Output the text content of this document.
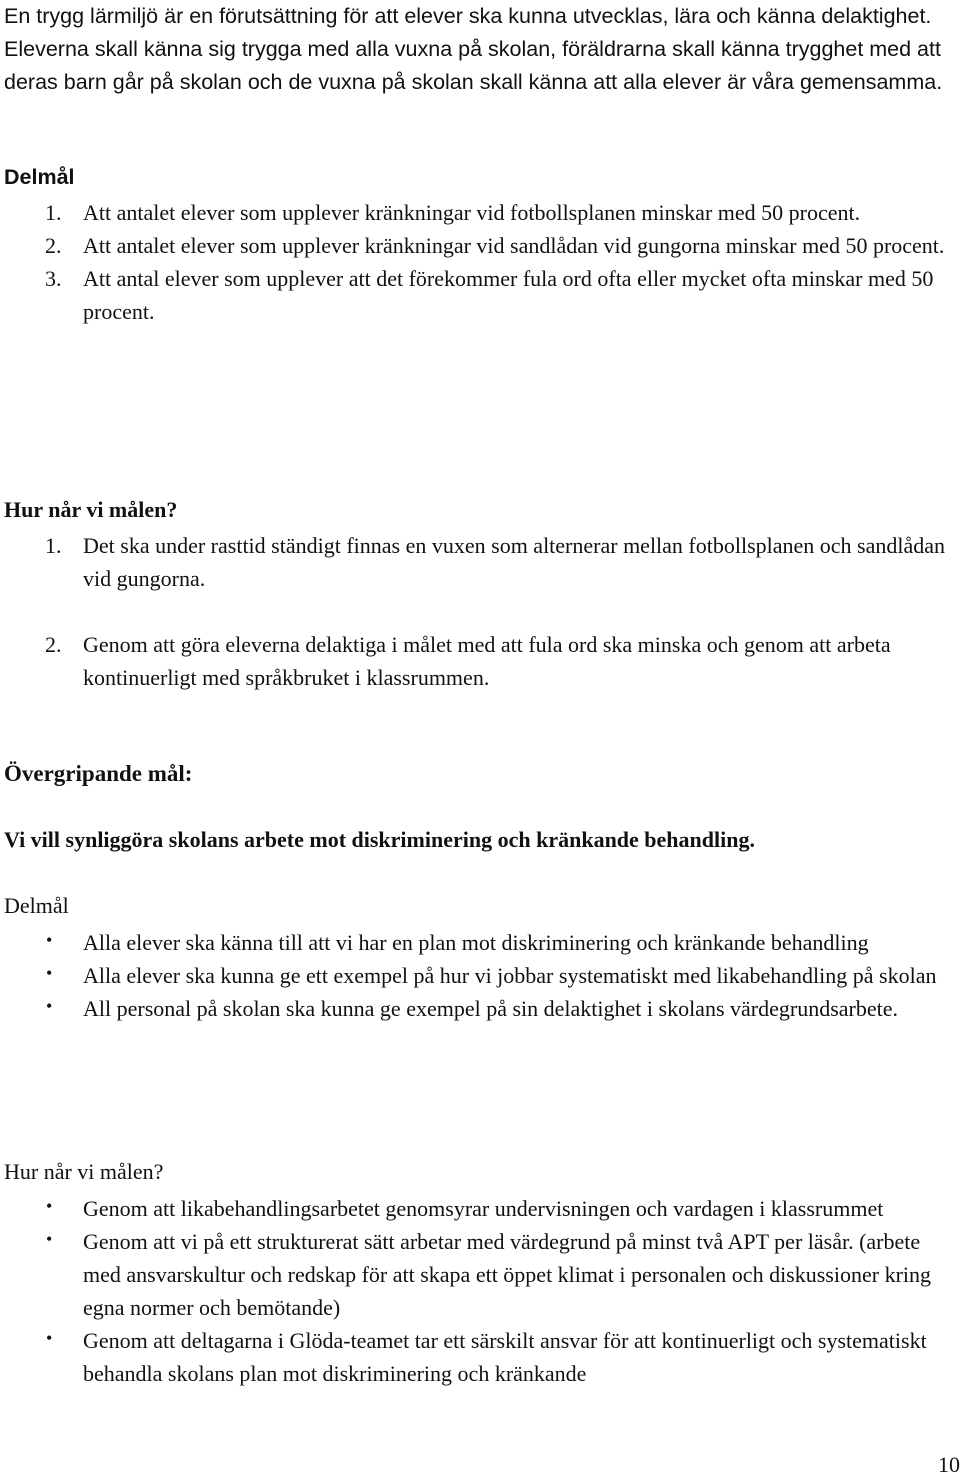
En trygg lärmiljö är en förutsättning för att elever ska kunna utvecklas, lära och känna delaktighet. Eleverna skall känna sig trygga med alla vuxna på skolan, föräldrarna skall känna trygghet med att deras barn går på skolan och de vuxna på skolan skall känna att alla elever är våra gemensamma.

Delmål
1. Att antalet elever som upplever kränkningar vid fotbollsplanen minskar med 50 procent.
2. Att antalet elever som upplever kränkningar vid sandlådan vid gungorna minskar med 50 procent.
3. Att antal elever som upplever att det förekommer fula ord ofta eller mycket ofta minskar med 50 procent.
Hur når vi målen?
1. Det ska under rasttid ständigt finnas en vuxen som alternerar mellan fotbollsplanen och sandlådan vid gungorna.
2. Genom att göra eleverna delaktiga i målet med att fula ord ska minska och genom att arbeta kontinuerligt med språkbruket i klassrummen.
Övergripande mål:
Vi vill synliggöra skolans arbete mot diskriminering och kränkande behandling.
Delmål
• Alla elever ska känna till att vi har en plan mot diskriminering och kränkande behandling
• Alla elever ska kunna ge ett exempel på hur vi jobbar systematiskt med likabehandling på skolan
• All personal på skolan ska kunna ge exempel på sin delaktighet i skolans värdegrundsarbete.
Hur når vi målen?
• Genom att likabehandlingsarbetet genomsyrar undervisningen och vardagen i klassrummet
• Genom att vi på ett strukturerat sätt arbetar med värdegrund på minst två APT per läsår. (arbete med ansvarskultur och redskap för att skapa ett öppet klimat i personalen och diskussioner kring egna normer och bemötande)
• Genom att deltagarna i Glöda-teamet tar ett särskilt ansvar för att kontinuerligt och systematiskt behandla skolans plan mot diskriminering och kränkande
10
